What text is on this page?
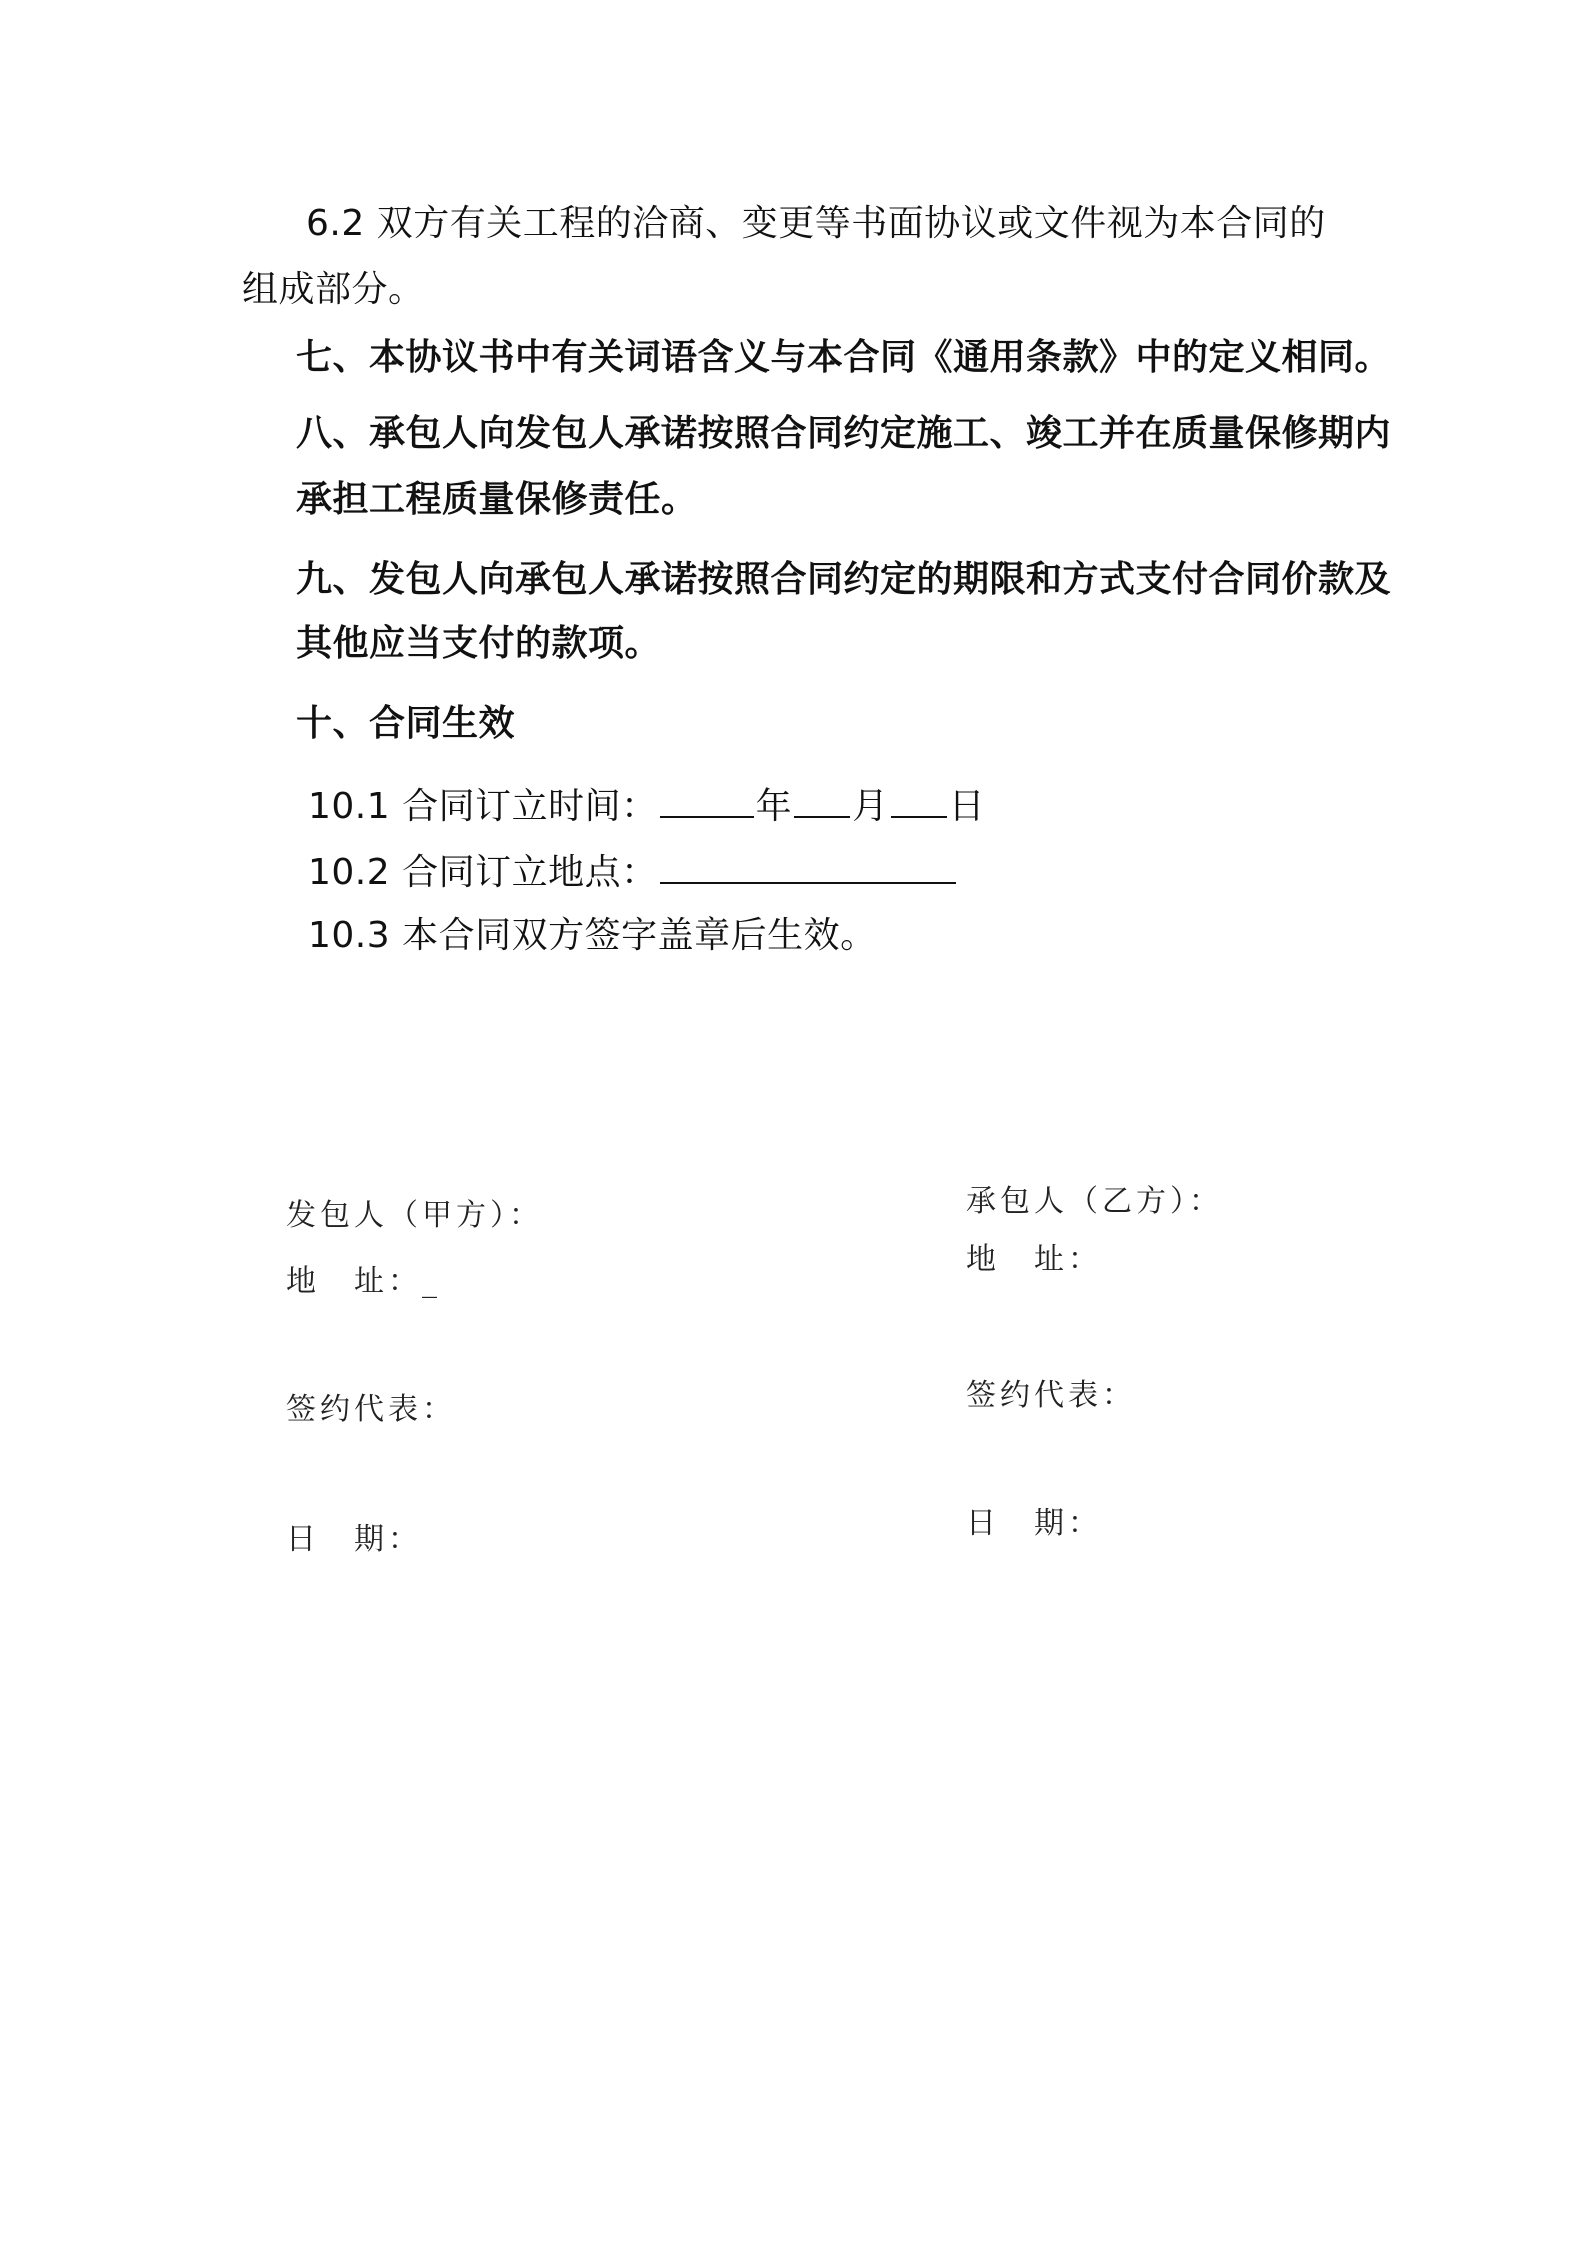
6.2 双方有关工程的洽商、变更等书面协议或文件视为本合同的
组成部分。
七、本协议书中有关词语含义与本合同《通用条款》中的定义相同。
八、承包人向发包人承诺按照合同约定施工、竣工并在质量保修期内
承担工程质量保修责任。
九、发包人向承包人承诺按照合同约定的期限和方式支付合同价款及
其他应当支付的款项。
十、合同生效
10.1 合同订立时间：	年 月 日
10.2 合同订立地点：
10.3 本合同双方签字盖章后生效。
发包人（甲方）：
地　址：_
签约代表：
日　期：
承包人（乙方）：
地　址：
签约代表：
日　期：
